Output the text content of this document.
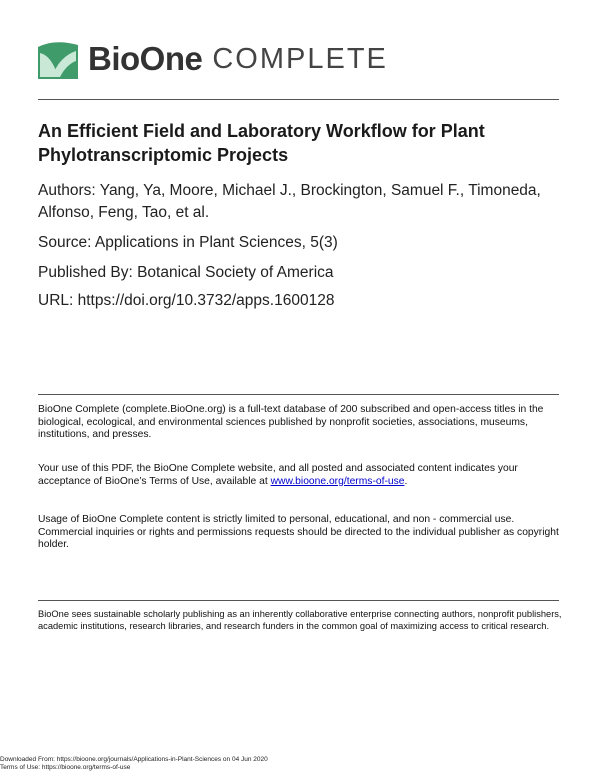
BioOne COMPLETE
An Efficient Field and Laboratory Workflow for Plant Phylotranscriptomic Projects
Authors: Yang, Ya, Moore, Michael J., Brockington, Samuel F., Timoneda, Alfonso, Feng, Tao, et al.
Source: Applications in Plant Sciences, 5(3)
Published By: Botanical Society of America
URL: https://doi.org/10.3732/apps.1600128
BioOne Complete (complete.BioOne.org) is a full-text database of 200 subscribed and open-access titles in the biological, ecological, and environmental sciences published by nonprofit societies, associations, museums, institutions, and presses.
Your use of this PDF, the BioOne Complete website, and all posted and associated content indicates your acceptance of BioOne’s Terms of Use, available at www.bioone.org/terms-of-use.
Usage of BioOne Complete content is strictly limited to personal, educational, and non - commercial use. Commercial inquiries or rights and permissions requests should be directed to the individual publisher as copyright holder.
BioOne sees sustainable scholarly publishing as an inherently collaborative enterprise connecting authors, nonprofit publishers, academic institutions, research libraries, and research funders in the common goal of maximizing access to critical research.
Downloaded From: https://bioone.org/journals/Applications-in-Plant-Sciences on 04 Jun 2020
Terms of Use: https://bioone.org/terms-of-use
